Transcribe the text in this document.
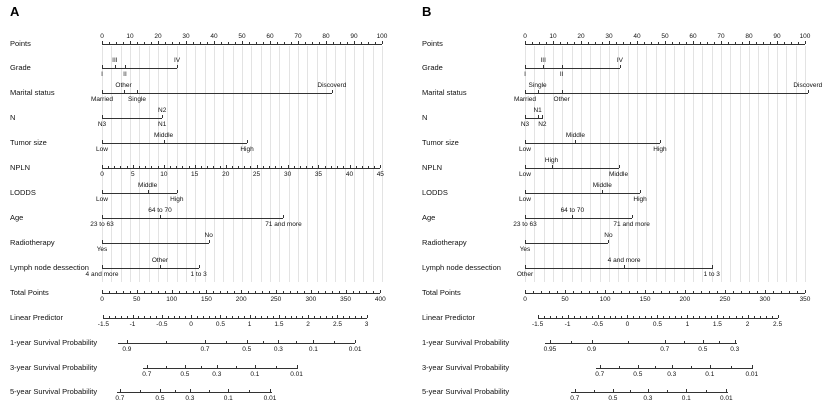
A
Points
0	10	20	30	40	50	60	70	80	90	100
Grade
I
III
II
IV
Marital status
Married
Other
Single
Discoverd
N
N3
N2
N1
Tumor size
Low
Middle
High
NPLN
0	5	10	15	20	25	30	35	40	45
LODDS
Low
Middle
High
Age
23 to 63
64 to 70
71 and more
Radiotherapy
Yes
No
Lymph node dessection
4 and more
Other
1 to 3
Total Points
0	50	100	150	200	250	300	350	400
Linear Predictor
-1.5	-1	-0.5	0	0.5	1	1.5	2	2.5	3
1-year Survival Probability
0.9	0.7	0.5	0.3	0.1	0.01
3-year Survival Probability
0.7	0.5	0.3	0.1	0.01
5-year Survival Probability
0.7	0.5	0.3	0.1	0.01
B
Points
0	10	20	30	40	50	60	70	80	90	100
Grade
I
III
II
IV
Marital status
Married
Single
Other
Discoverd
N
N3
N1
N2
Tumor size
Low
Middle
High
NPLN
Low
High
Middle
LODDS
Low
Middle
High
Age
23 to 63
64 to 70
71 and more
Radiotherapy
Yes
No
Lymph node dessection
Other
4 and more
1 to 3
Total Points
0	50	100	150	200	250	300	350
Linear Predictor
-1.5	-1	-0.5	0	0.5	1	1.5	2	2.5
1-year Survival Probability
0.95	0.9	0.7	0.5	0.3
3-year Survival Probability
0.7	0.5	0.3	0.1	0.01
5-year Survival Probability
0.7	0.5	0.3	0.1	0.01
